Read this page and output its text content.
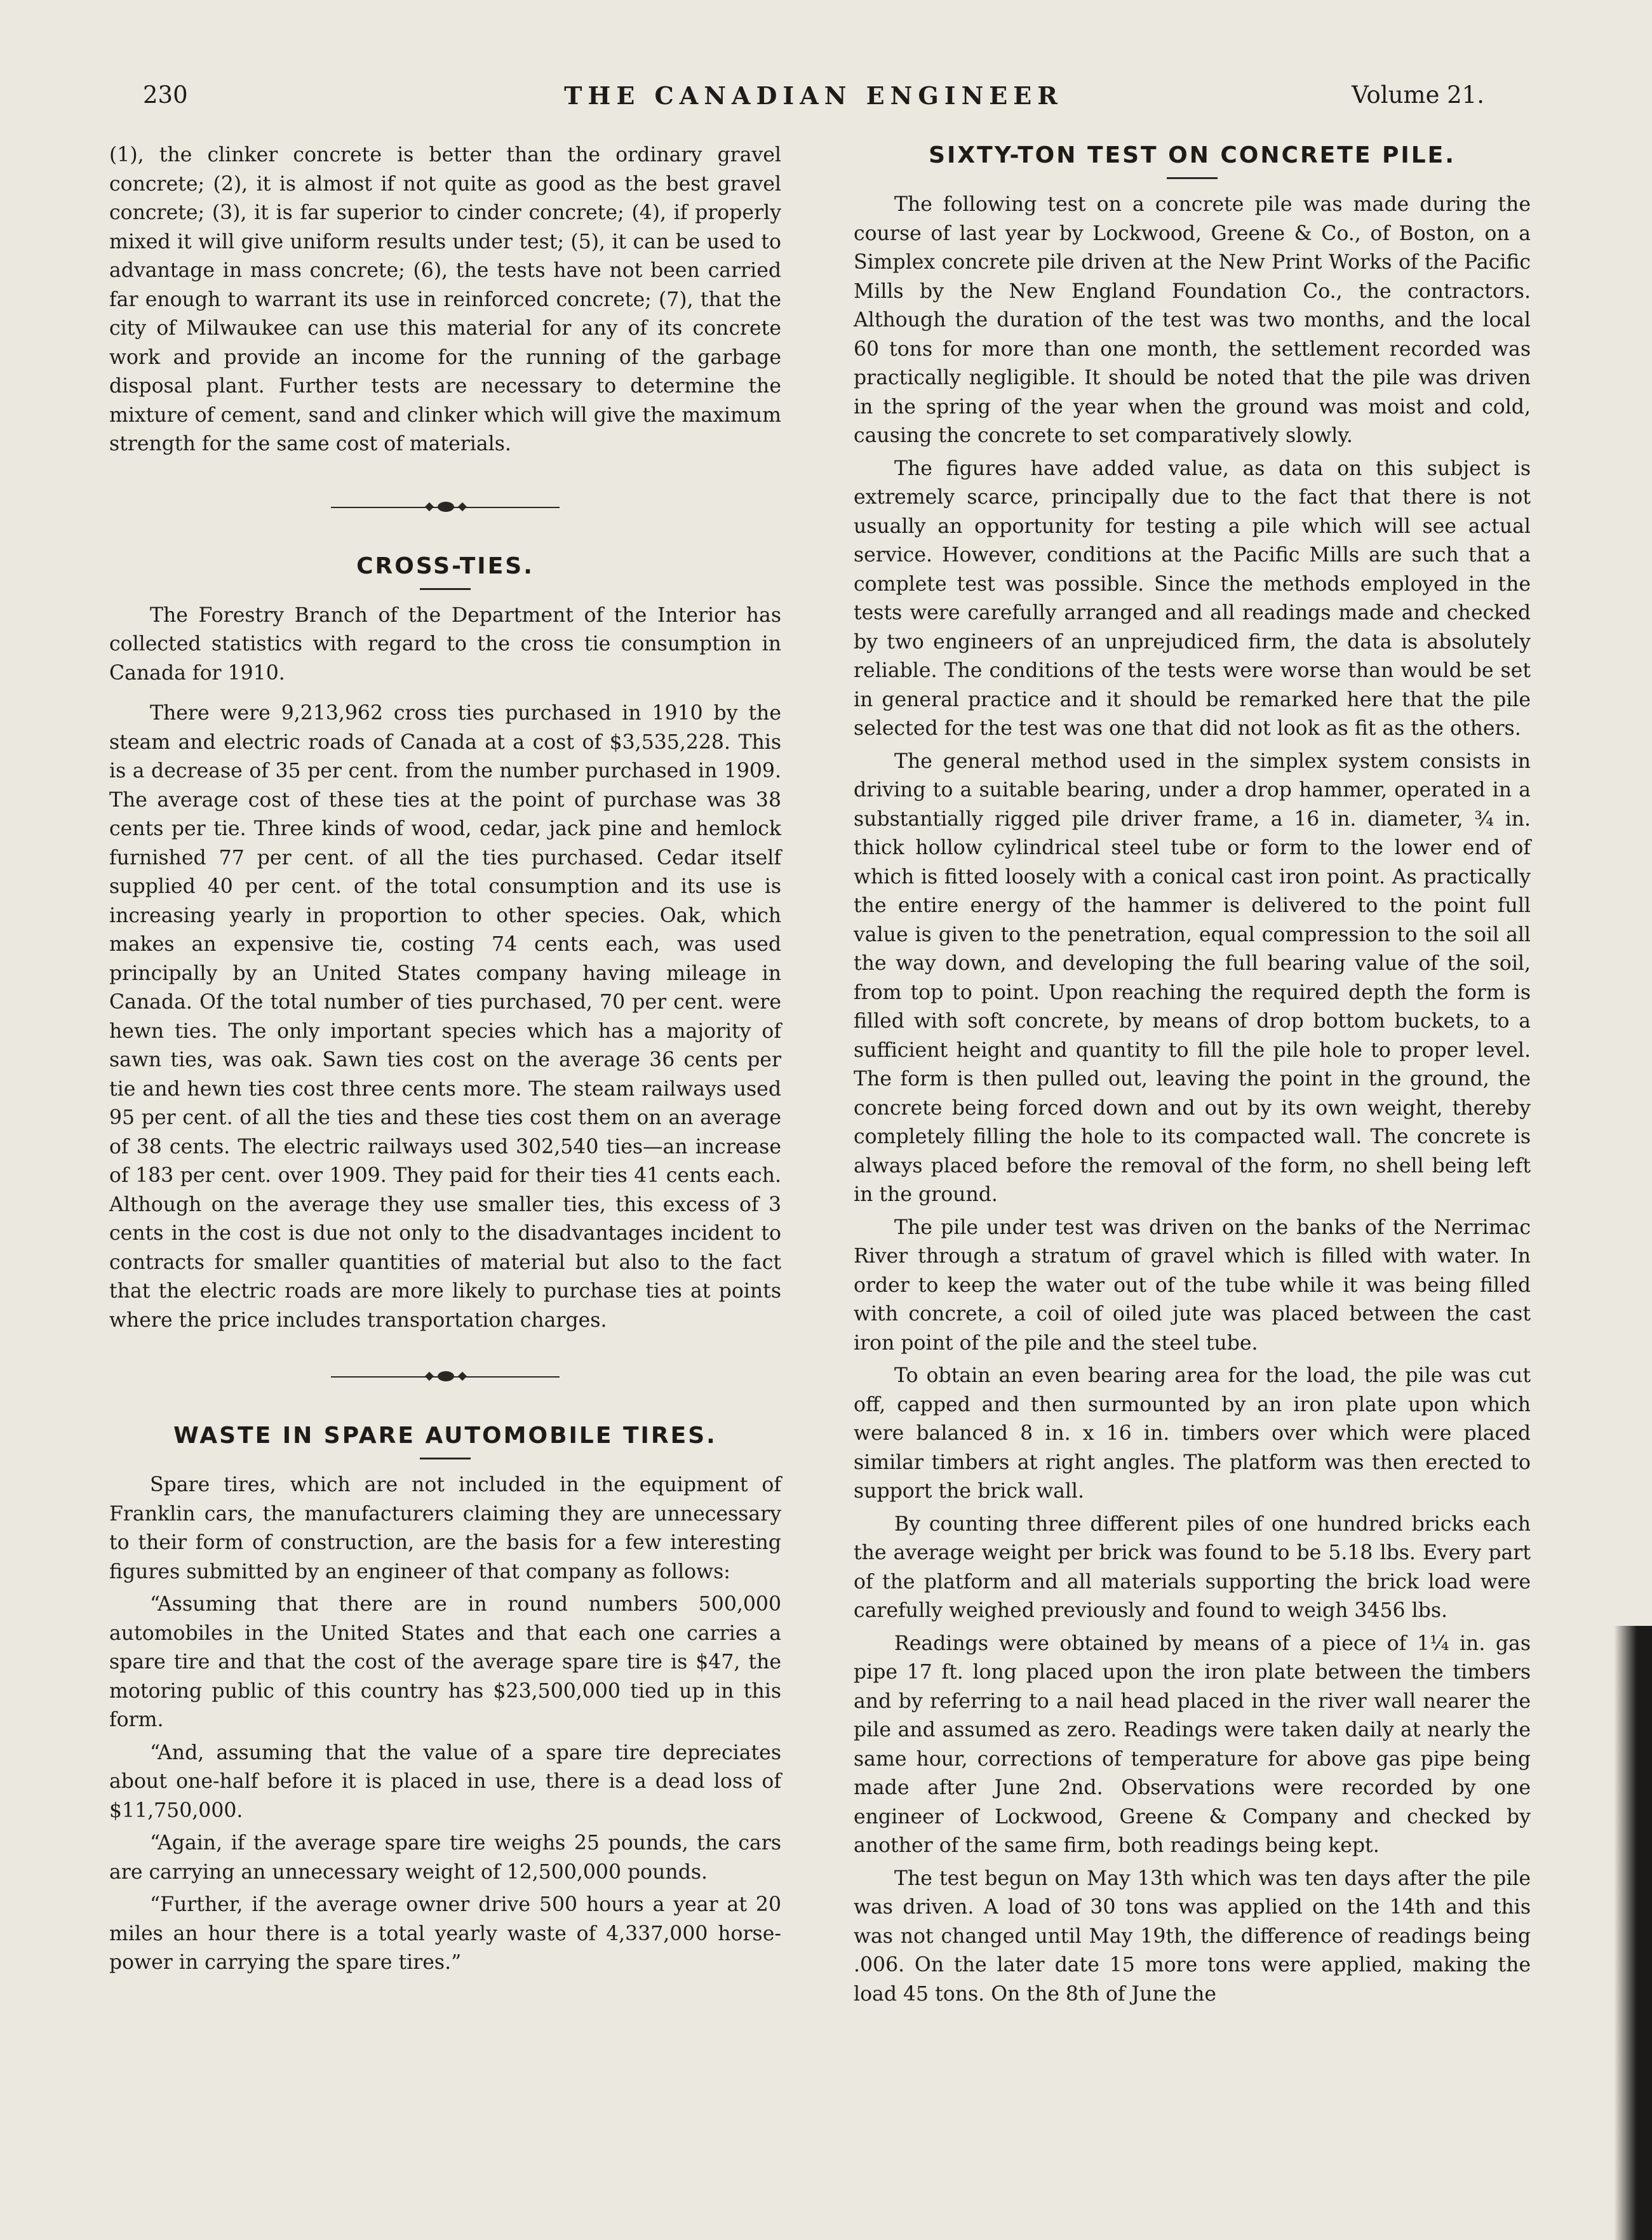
230	THE CANADIAN ENGINEER	Volume 21.

(1), the clinker concrete is better than the ordinary gravel concrete; (2), it is almost if not quite as good as the best gravel concrete; (3), it is far superior to cinder concrete; (4), if properly mixed it will give uniform results under test; (5), it can be used to advantage in mass concrete; (6), the tests have not been carried far enough to warrant its use in reinforced concrete; (7), that the city of Milwaukee can use this material for any of its concrete work and provide an income for the running of the garbage disposal plant. Further tests are necessary to determine the mixture of cement, sand and clinker which will give the maximum strength for the same cost of materials.

CROSS-TIES.

The Forestry Branch of the Department of the Interior has collected statistics with regard to the cross tie consumption in Canada for 1910.

There were 9,213,962 cross ties purchased in 1910 by the steam and electric roads of Canada at a cost of $3,535,228. This is a decrease of 35 per cent. from the number purchased in 1909. The average cost of these ties at the point of purchase was 38 cents per tie. Three kinds of wood, cedar, jack pine and hemlock furnished 77 per cent. of all the ties purchased. Cedar itself supplied 40 per cent. of the total consumption and its use is increasing yearly in proportion to other species. Oak, which makes an expensive tie, costing 74 cents each, was used principally by an United States company having mileage in Canada. Of the total number of ties purchased, 70 per cent. were hewn ties. The only important species which has a majority of sawn ties, was oak. Sawn ties cost on the average 36 cents per tie and hewn ties cost three cents more. The steam railways used 95 per cent. of all the ties and these ties cost them on an average of 38 cents. The electric railways used 302,540 ties—an increase of 183 per cent. over 1909. They paid for their ties 41 cents each. Although on the average they use smaller ties, this excess of 3 cents in the cost is due not only to the disadvantages incident to contracts for smaller quantities of material but also to the fact that the electric roads are more likely to purchase ties at points where the price includes transportation charges.

WASTE IN SPARE AUTOMOBILE TIRES.

Spare tires, which are not included in the equipment of Franklin cars, the manufacturers claiming they are unnecessary to their form of construction, are the basis for a few interesting figures submitted by an engineer of that company as follows:

“Assuming that there are in round numbers 500,000 automobiles in the United States and that each one carries a spare tire and that the cost of the average spare tire is $47, the motoring public of this country has $23,500,000 tied up in this form.

“And, assuming that the value of a spare tire depreciates about one-half before it is placed in use, there is a dead loss of $11,750,000.

“Again, if the average spare tire weighs 25 pounds, the cars are carrying an unnecessary weight of 12,500,000 pounds.

“Further, if the average owner drive 500 hours a year at 20 miles an hour there is a total yearly waste of 4,337,000 horse-power in carrying the spare tires.”

SIXTY-TON TEST ON CONCRETE PILE.

The following test on a concrete pile was made during the course of last year by Lockwood, Greene & Co., of Boston, on a Simplex concrete pile driven at the New Print Works of the Pacific Mills by the New England Foundation Co., the contractors. Although the duration of the test was two months, and the local 60 tons for more than one month, the settlement recorded was practically negligible. It should be noted that the pile was driven in the spring of the year when the ground was moist and cold, causing the concrete to set comparatively slowly.

The figures have added value, as data on this subject is extremely scarce, principally due to the fact that there is not usually an opportunity for testing a pile which will see actual service. However, conditions at the Pacific Mills are such that a complete test was possible. Since the methods employed in the tests were carefully arranged and all readings made and checked by two engineers of an unprejudiced firm, the data is absolutely reliable. The conditions of the tests were worse than would be set in general practice and it should be remarked here that the pile selected for the test was one that did not look as fit as the others.

The general method used in the simplex system consists in driving to a suitable bearing, under a drop hammer, operated in a substantially rigged pile driver frame, a 16 in. diameter, ¾ in. thick hollow cylindrical steel tube or form to the lower end of which is fitted loosely with a conical cast iron point. As practically the entire energy of the hammer is delivered to the point full value is given to the penetration, equal compression to the soil all the way down, and developing the full bearing value of the soil, from top to point. Upon reaching the required depth the form is filled with soft concrete, by means of drop bottom buckets, to a sufficient height and quantity to fill the pile hole to proper level. The form is then pulled out, leaving the point in the ground, the concrete being forced down and out by its own weight, thereby completely filling the hole to its compacted wall. The concrete is always placed before the removal of the form, no shell being left in the ground.

The pile under test was driven on the banks of the Nerrimac River through a stratum of gravel which is filled with water. In order to keep the water out of the tube while it was being filled with concrete, a coil of oiled jute was placed between the cast iron point of the pile and the steel tube.

To obtain an even bearing area for the load, the pile was cut off, capped and then surmounted by an iron plate upon which were balanced 8 in. x 16 in. timbers over which were placed similar timbers at right angles. The platform was then erected to support the brick wall.

By counting three different piles of one hundred bricks each the average weight per brick was found to be 5.18 lbs. Every part of the platform and all materials supporting the brick load were carefully weighed previously and found to weigh 3456 lbs.

Readings were obtained by means of a piece of 1¼ in. gas pipe 17 ft. long placed upon the iron plate between the timbers and by referring to a nail head placed in the river wall nearer the pile and assumed as zero. Readings were taken daily at nearly the same hour, corrections of temperature for above gas pipe being made after June 2nd. Observations were recorded by one engineer of Lockwood, Greene & Company and checked by another of the same firm, both readings being kept.

The test begun on May 13th which was ten days after the pile was driven. A load of 30 tons was applied on the 14th and this was not changed until May 19th, the difference of readings being .006. On the later date 15 more tons were applied, making the load 45 tons. On the 8th of June the
